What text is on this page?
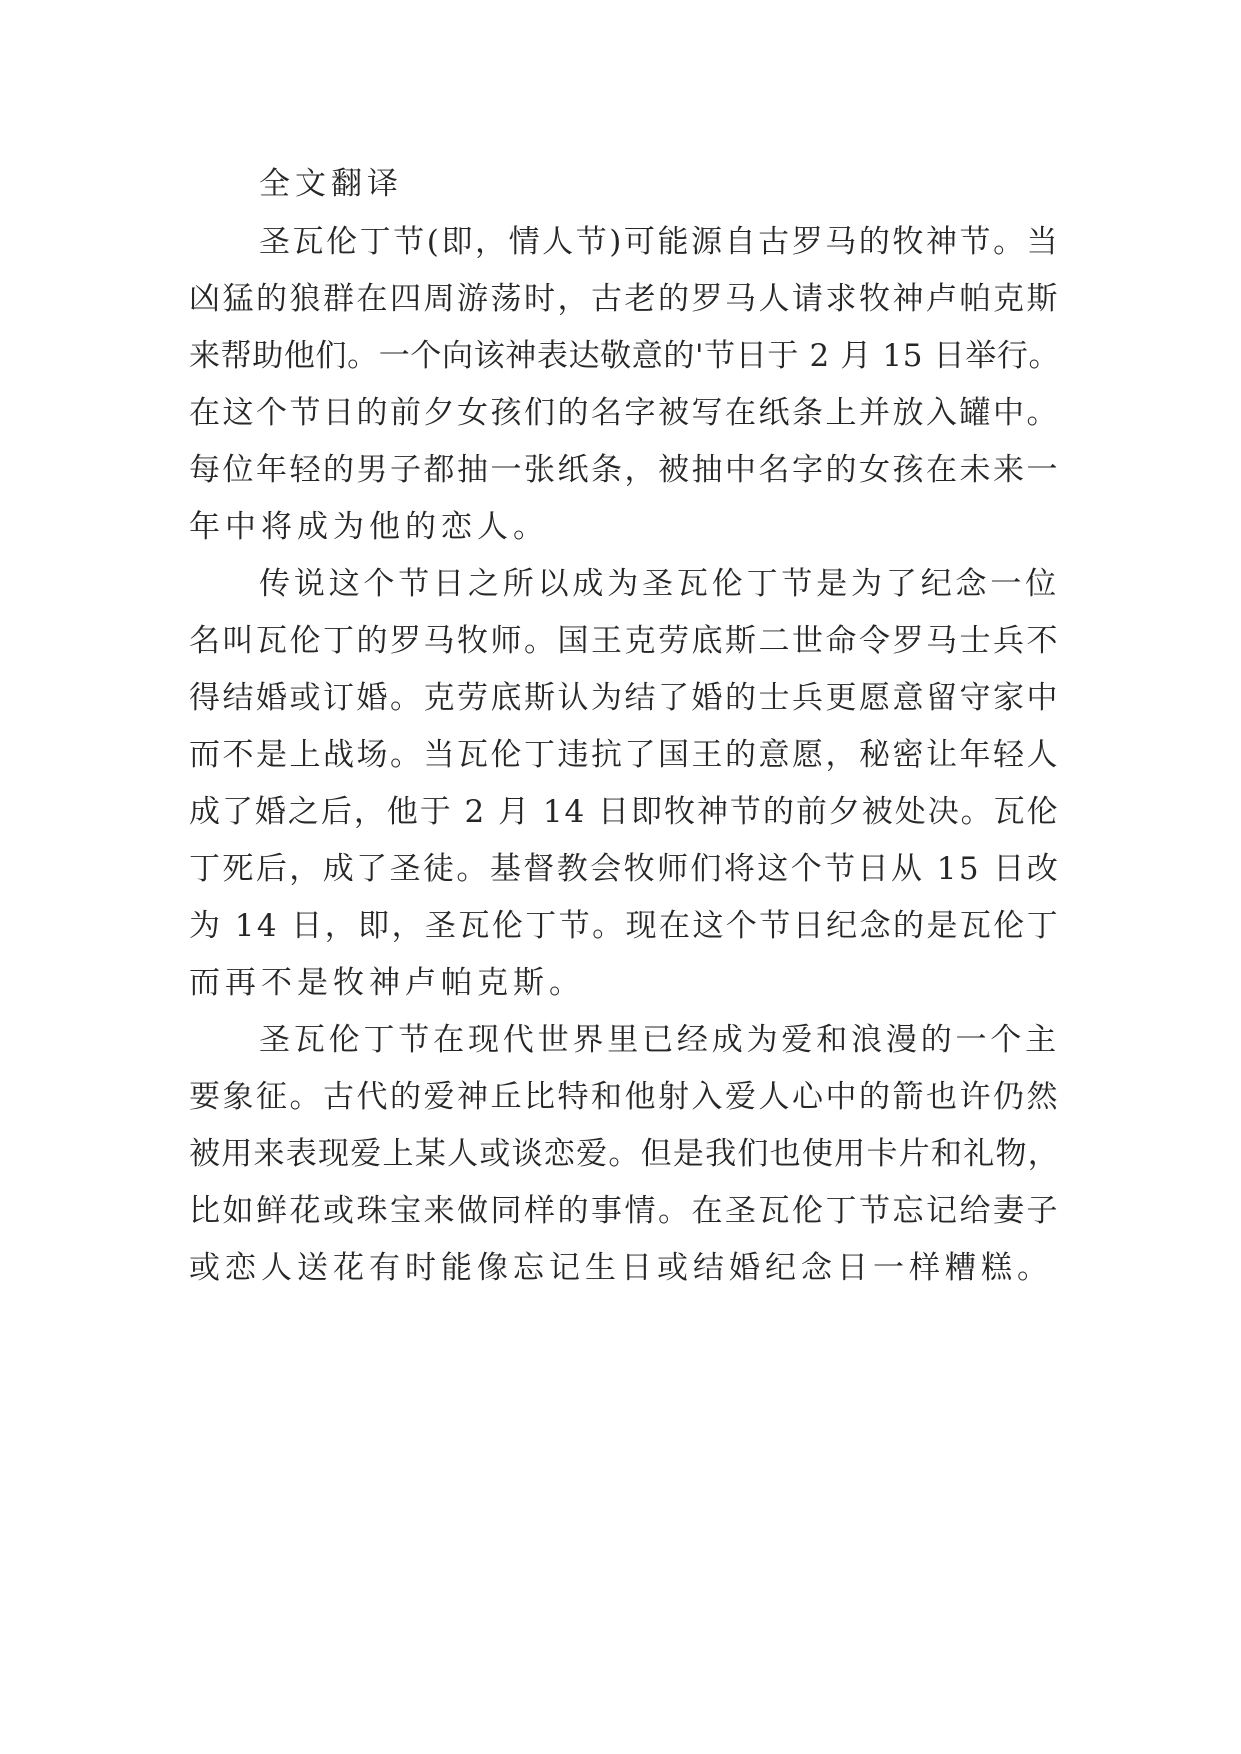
全文翻译
圣瓦伦丁节(即，情人节)可能源自古罗马的牧神节。当
凶猛的狼群在四周游荡时，古老的罗马人请求牧神卢帕克斯
来帮助他们。一个向该神表达敬意的'节日于 2 月 15 日举行。
在这个节日的前夕女孩们的名字被写在纸条上并放入罐中。
每位年轻的男子都抽一张纸条，被抽中名字的女孩在未来一
年中将成为他的恋人。
传说这个节日之所以成为圣瓦伦丁节是为了纪念一位
名叫瓦伦丁的罗马牧师。国王克劳底斯二世命令罗马士兵不
得结婚或订婚。克劳底斯认为结了婚的士兵更愿意留守家中
而不是上战场。当瓦伦丁违抗了国王的意愿，秘密让年轻人
成了婚之后，他于 2 月 14 日即牧神节的前夕被处决。瓦伦
丁死后，成了圣徒。基督教会牧师们将这个节日从 15 日改
为 14 日，即，圣瓦伦丁节。现在这个节日纪念的是瓦伦丁
而再不是牧神卢帕克斯。
圣瓦伦丁节在现代世界里已经成为爱和浪漫的一个主
要象征。古代的爱神丘比特和他射入爱人心中的箭也许仍然
被用来表现爱上某人或谈恋爱。但是我们也使用卡片和礼物，
比如鲜花或珠宝来做同样的事情。在圣瓦伦丁节忘记给妻子
或恋人送花有时能像忘记生日或结婚纪念日一样糟糕。
